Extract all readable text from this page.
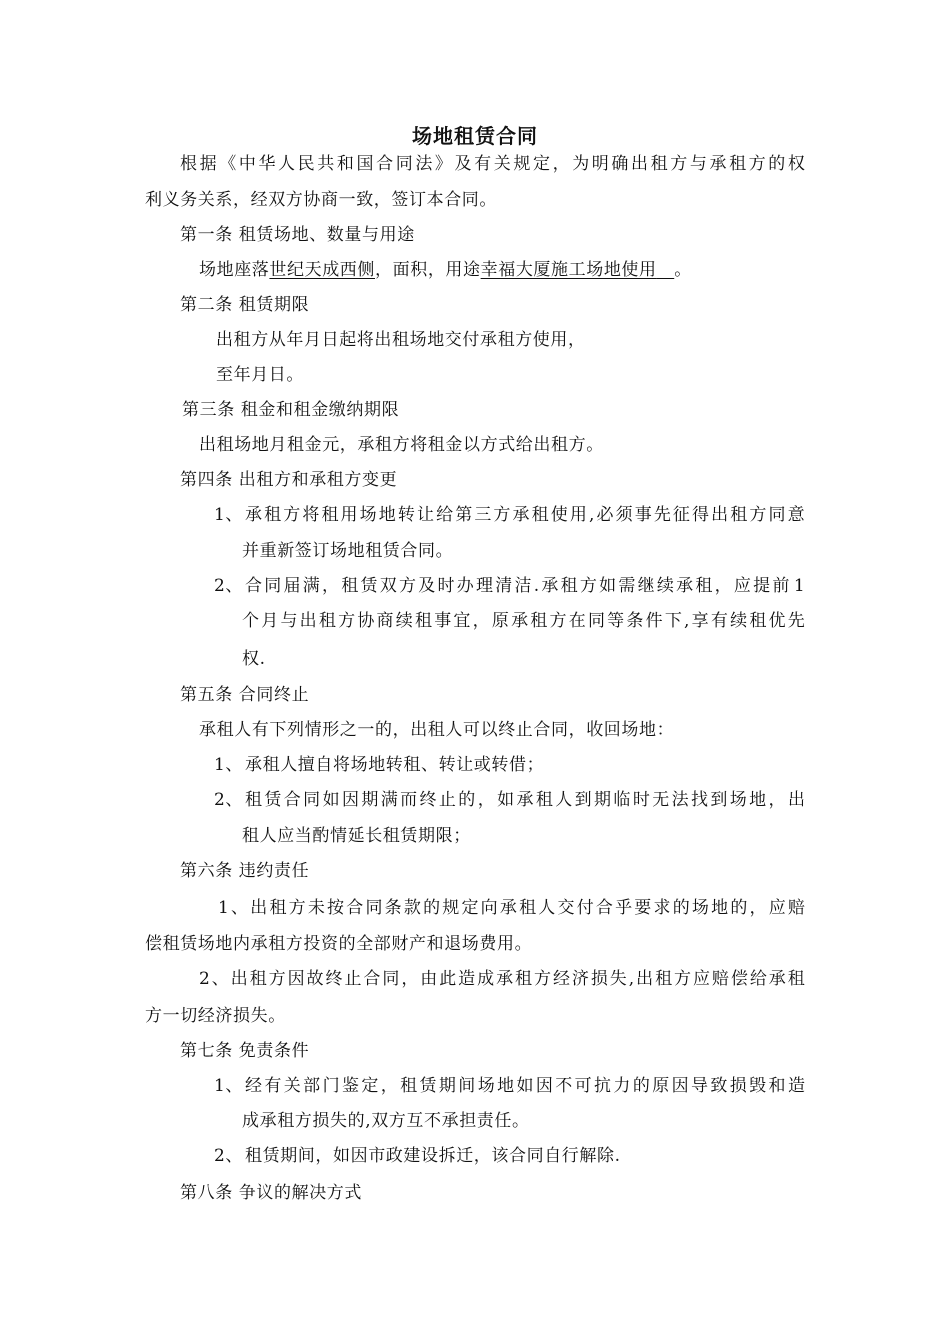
场地租赁合同
根 据 《 中 华 人 民 共 和 国 合 同 法 》 及 有 关 规 定 ， 为 明 确 出 租 方 与 承 租 方 的 权
利义务关系，经双方协商一致，签订本合同。
第一条 租赁场地、数量与用途
场地座落世纪天成西侧，面积，用途幸福大厦施工场地使用　 。
第二条 租赁期限
出租方从年月日起将出租场地交付承租方使用，
至年月日。
第三条 租金和租金缴纳期限
出租场地月租金元，承租方将租金以方式给出租方。
第四条 出租方和承租方变更
1、 承 租 方 将 租 用 场 地 转 让 给 第 三 方 承 租 使 用 , 必 须 事 先 征 得 出 租 方 同 意
并重新签订场地租赁合同。
2、 合 同 届 满 ， 租 赁 双 方 及 时 办 理 清 洁 . 承 租 方 如 需 继 续 承 租 ， 应 提 前 1
个 月 与 出 租 方 协 商 续 租 事 宜 ， 原 承 租 方 在 同 等 条 件 下 , 享 有 续 租 优 先
权.
第五条 合同终止
承租人有下列情形之一的，出租人可以终止合同，收回场地：
1、 承租人擅自将场地转租、转让或转借；
2、 租 赁 合 同 如 因 期 满 而 终 止 的 ， 如 承 租 人 到 期 临 时 无 法 找 到 场 地 ， 出
租人应当酌情延长租赁期限；
第六条 违约责任
1 、 出 租 方 未 按 合 同 条 款 的 规 定 向 承 租 人 交 付 合 乎 要 求 的 场 地 的 ， 应 赔
偿租赁场地内承租方投资的全部财产和退场费用。
2 、 出 租 方 因 故 终 止 合 同 ， 由 此 造 成 承 租 方 经 济 损 失 , 出 租 方 应 赔 偿 给 承 租
方一切经济损失。
第七条 免责条件
1、 经 有 关 部 门 鉴 定 ， 租 赁 期 间 场 地 如 因 不 可 抗 力 的 原 因 导 致 损 毁 和 造
成承租方损失的,双方互不承担责任。
2、 租赁期间，如因市政建设拆迁，该合同自行解除.
第八条 争议的解决方式
